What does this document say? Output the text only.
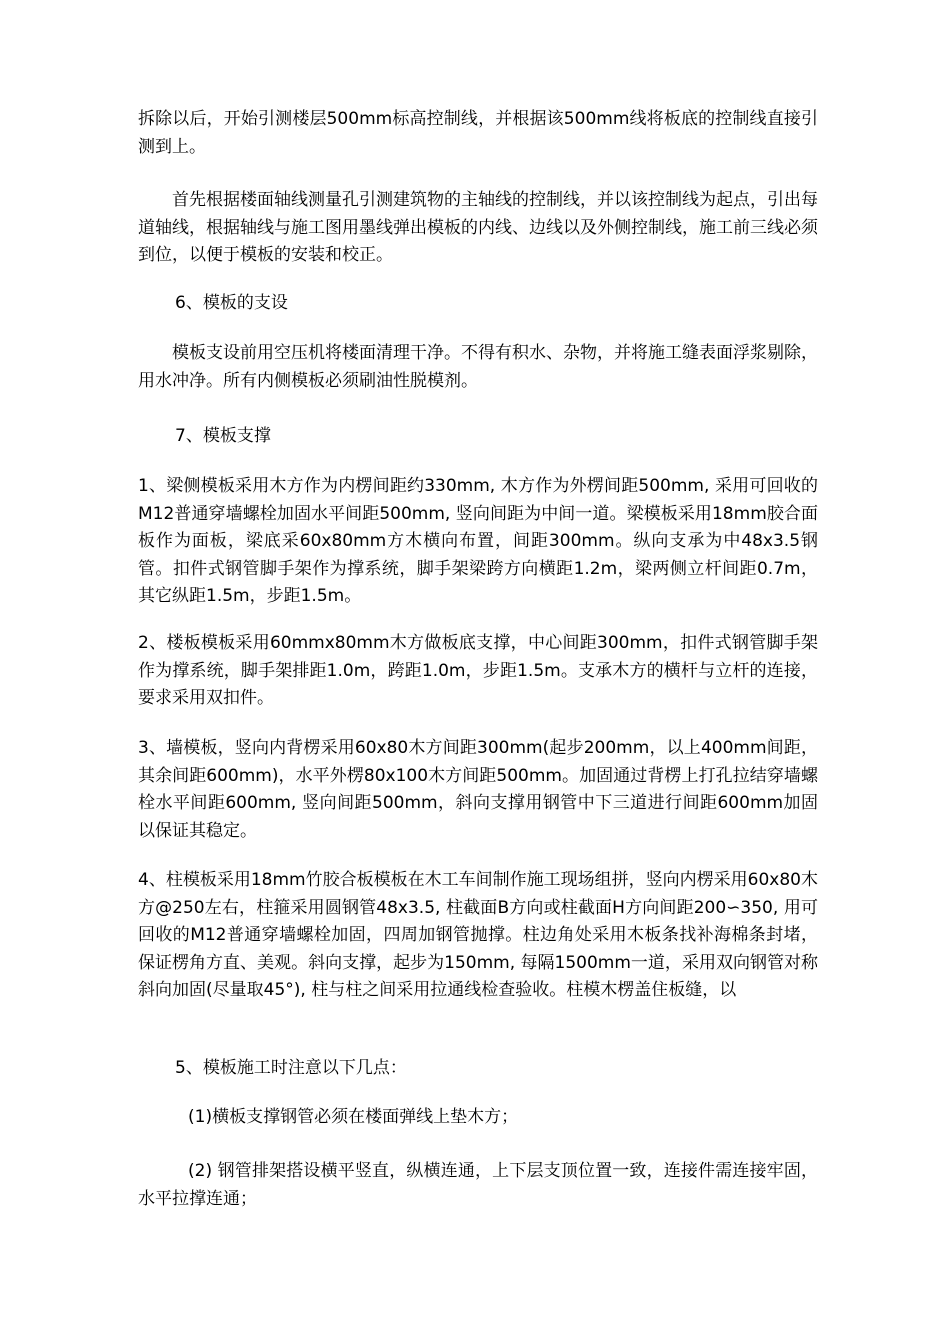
拆除以后，开始引测楼层500mm标高控制线，并根据该500mm线将板底的控制线直接引测到上。

首先根据楼面轴线测量孔引测建筑物的主轴线的控制线，并以该控制线为起点，引出每道轴线，根据轴线与施工图用墨线弹出模板的内线、边线以及外侧控制线，施工前三线必须到位，以便于模板的安装和校正。

6、模板的支设

模板支设前用空压机将楼面清理干净。不得有积水、杂物，并将施工缝表面浮浆剔除，用水冲净。所有内侧模板必须刷油性脱模剂。

7、模板支撑

1、梁侧模板采用木方作为内楞间距约330mm, 木方作为外楞间距500mm, 采用可回收的M12普通穿墙螺栓加固水平间距500mm, 竖向间距为中间一道。梁模板采用18mm胶合面板作为面板，梁底采60x80mm方木横向布置，间距300mm。纵向支承为中48x3.5钢管。扣件式钢管脚手架作为撑系统，脚手架梁跨方向横距1.2m，梁两侧立杆间距0.7m，其它纵距1.5m，步距1.5m。

2、楼板模板采用60mmx80mm木方做板底支撑，中心间距300mm，扣件式钢管脚手架作为撑系统，脚手架排距1.0m，跨距1.0m，步距1.5m。支承木方的横杆与立杆的连接，要求采用双扣件。

3、墙模板，竖向内背楞采用60x80木方间距300mm(起步200mm，以上400mm间距，其余间距600mm)，水平外楞80x100木方间距500mm。加固通过背楞上打孔拉结穿墙螺栓水平间距600mm, 竖向间距500mm，斜向支撑用钢管中下三道进行间距600mm加固以保证其稳定。

4、柱模板采用18mm竹胶合板模板在木工车间制作施工现场组拼，竖向内楞采用60x80木方@250左右，柱箍采用圆钢管48x3.5, 柱截面B方向或柱截面H方向间距200∽350, 用可回收的M12普通穿墙螺栓加固，四周加钢管抛撑。柱边角处采用木板条找补海棉条封堵，保证楞角方直、美观。斜向支撑，起步为150mm, 每隔1500mm一道，采用双向钢管对称斜向加固(尽量取45°), 柱与柱之间采用拉通线检查验收。柱模木楞盖住板缝，以

5、模板施工时注意以下几点：

(1)横板支撑钢管必须在楼面弹线上垫木方；

(2) 钢管排架搭设横平竖直，纵横连通，上下层支顶位置一致，连接件需连接牢固，水平拉撑连通；
